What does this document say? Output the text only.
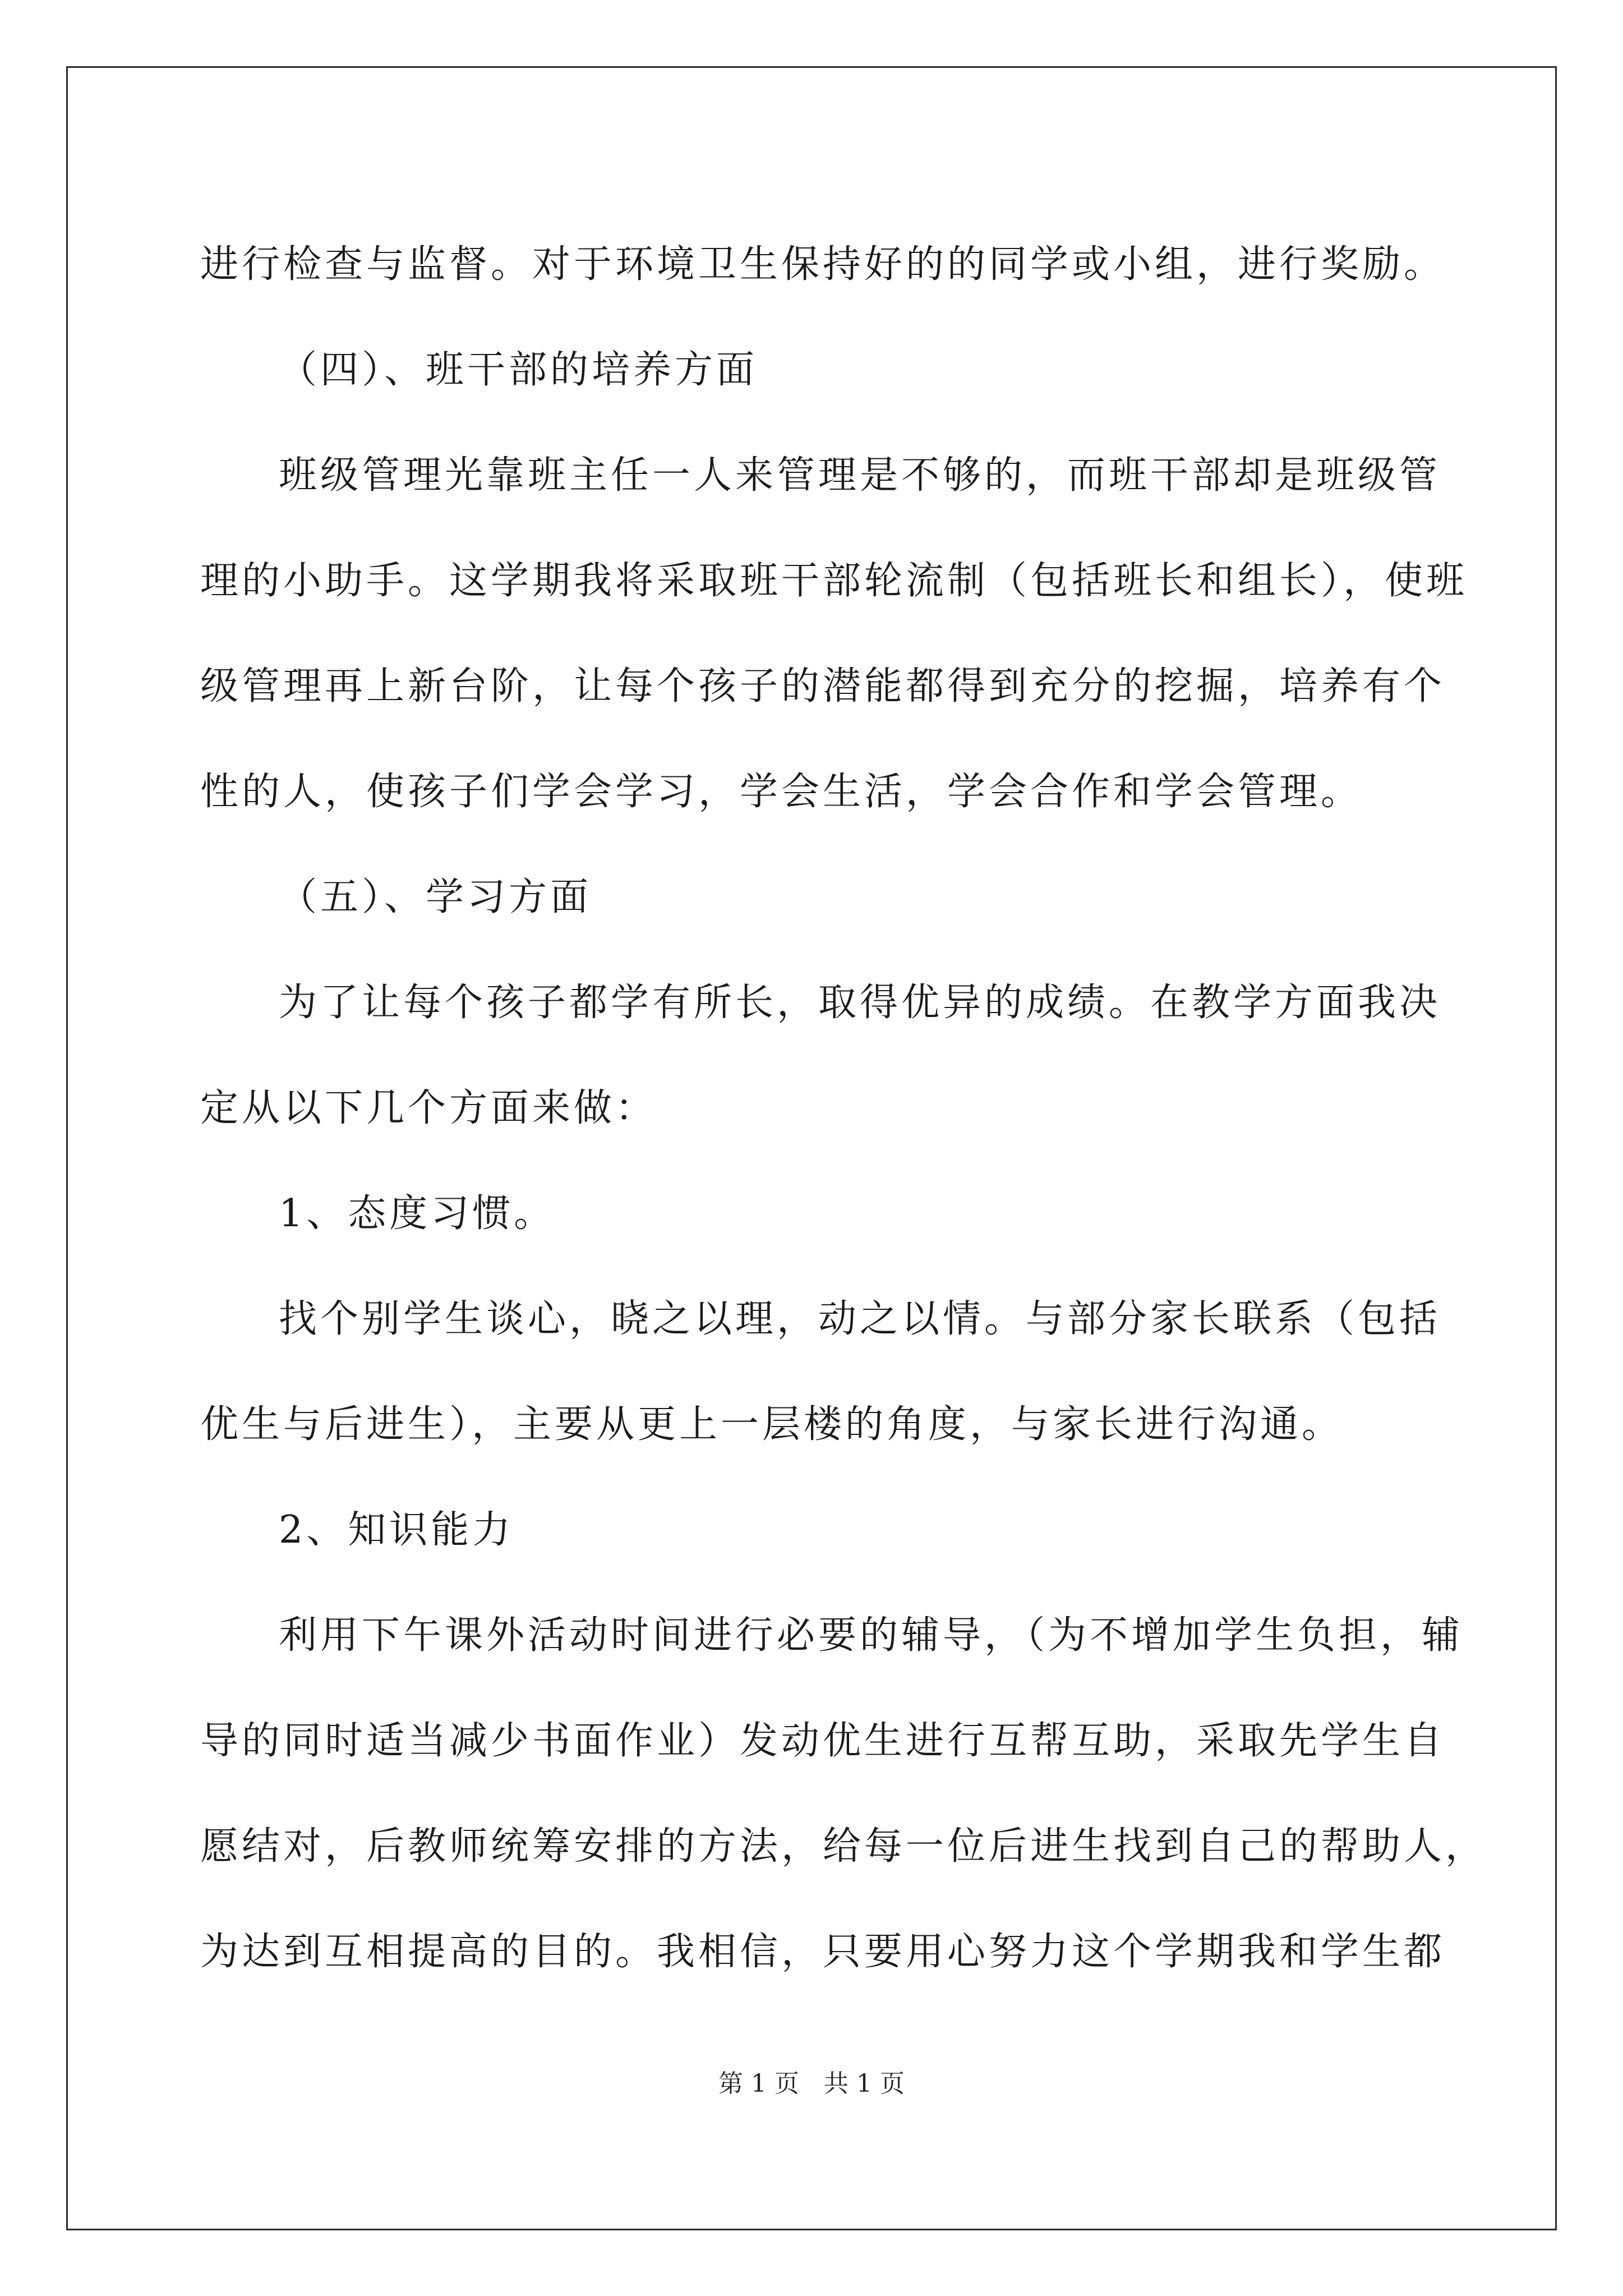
进行检查与监督。对于环境卫生保持好的的同学或小组，进行奖励。
（四）、班干部的培养方面
班级管理光靠班主任一人来管理是不够的，而班干部却是班级管
理的小助手。这学期我将采取班干部轮流制（包括班长和组长），使班
级管理再上新台阶，让每个孩子的潜能都得到充分的挖掘，培养有个
性的人，使孩子们学会学习，学会生活，学会合作和学会管理。
（五）、学习方面
为了让每个孩子都学有所长，取得优异的成绩。在教学方面我决
定从以下几个方面来做：
1、态度习惯。
找个别学生谈心，晓之以理，动之以情。与部分家长联系（包括
优生与后进生），主要从更上一层楼的角度，与家长进行沟通。
2、知识能力
利用下午课外活动时间进行必要的辅导，（为不增加学生负担，辅
导的同时适当减少书面作业）发动优生进行互帮互助，采取先学生自
愿结对，后教师统筹安排的方法，给每一位后进生找到自己的帮助人，
为达到互相提高的目的。我相信，只要用心努力这个学期我和学生都
第 1 页　共 1 页
